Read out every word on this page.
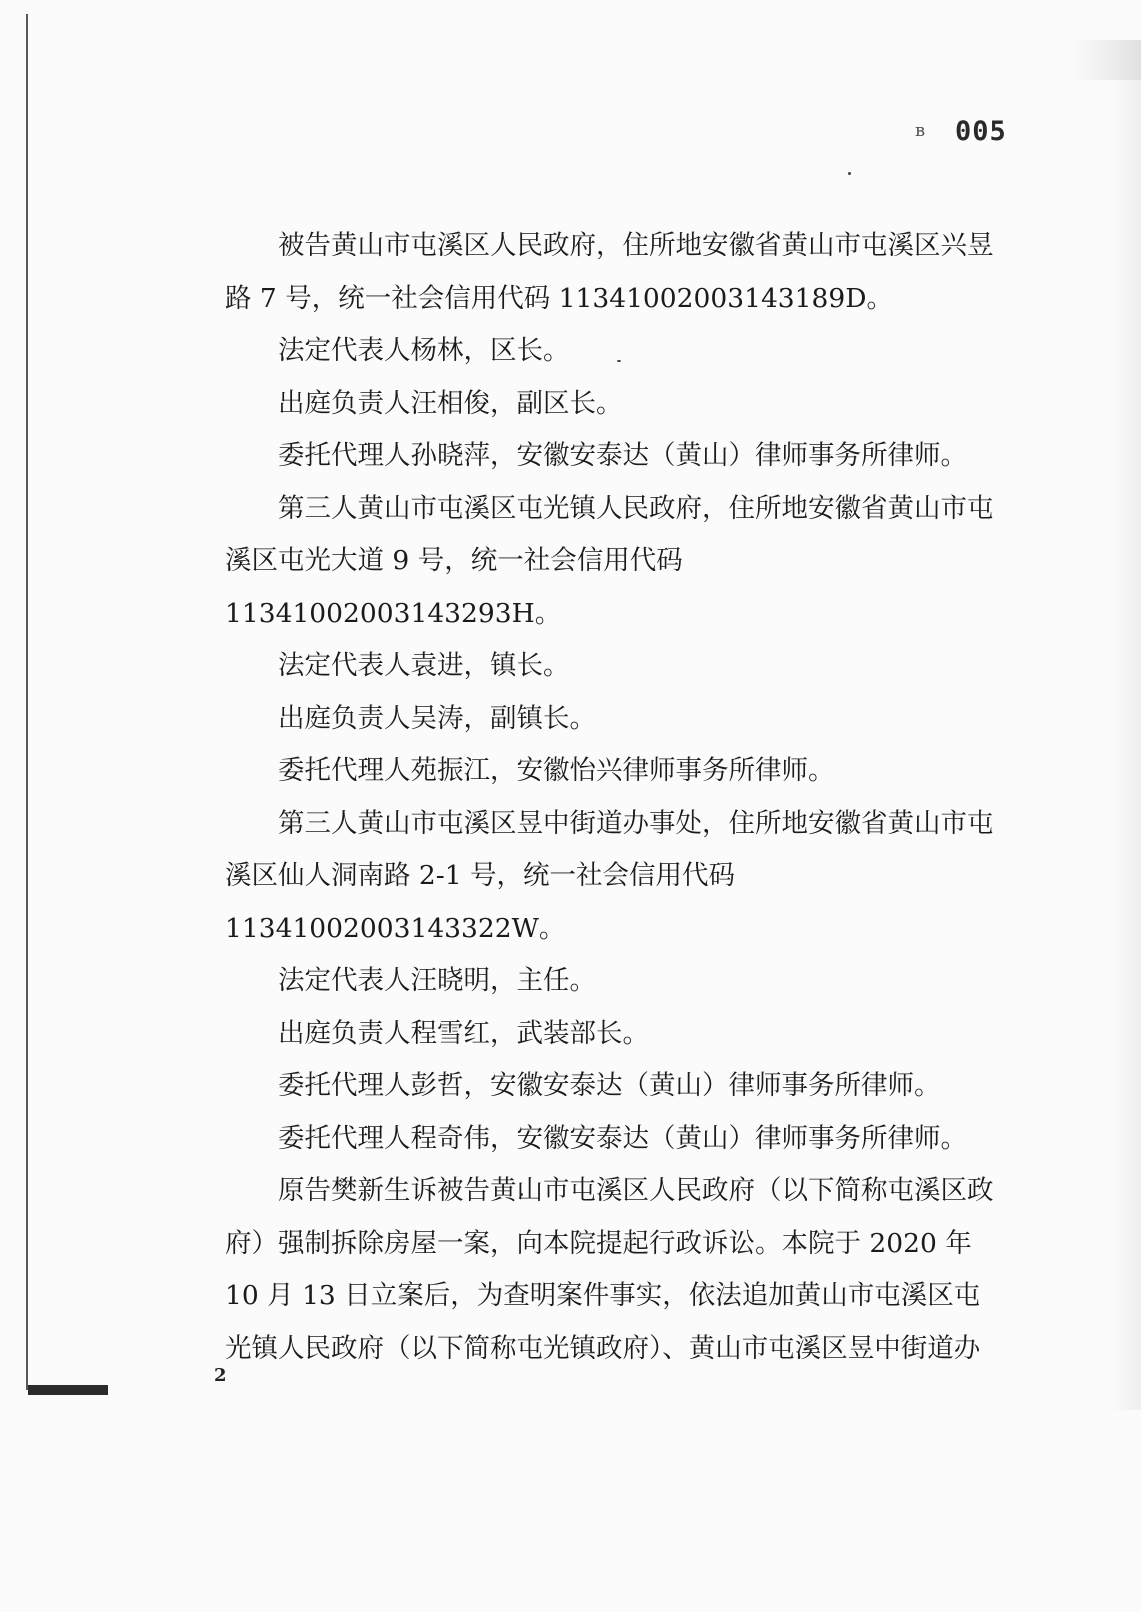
ʙ 005

被告黄山市屯溪区人民政府，住所地安徽省黄山市屯溪区兴昱路 7 号，统一社会信用代码 11341002003143189D。

法定代表人杨林，区长。

出庭负责人汪相俊，副区长。

委托代理人孙晓萍，安徽安泰达（黄山）律师事务所律师。

第三人黄山市屯溪区屯光镇人民政府，住所地安徽省黄山市屯溪区屯光大道 9 号，统一社会信用代码 11341002003143293H。

法定代表人袁进，镇长。

出庭负责人吴涛，副镇长。

委托代理人苑振江，安徽怡兴律师事务所律师。

第三人黄山市屯溪区昱中街道办事处，住所地安徽省黄山市屯溪区仙人洞南路 2-1 号，统一社会信用代码 11341002003143322W。

法定代表人汪晓明，主任。

出庭负责人程雪红，武装部长。

委托代理人彭哲，安徽安泰达（黄山）律师事务所律师。

委托代理人程奇伟，安徽安泰达（黄山）律师事务所律师。

原告樊新生诉被告黄山市屯溪区人民政府（以下简称屯溪区政府）强制拆除房屋一案，向本院提起行政诉讼。本院于 2020 年 10 月 13 日立案后，为查明案件事实，依法追加黄山市屯溪区屯光镇人民政府（以下简称屯光镇政府）、黄山市屯溪区昱中街道办

2
